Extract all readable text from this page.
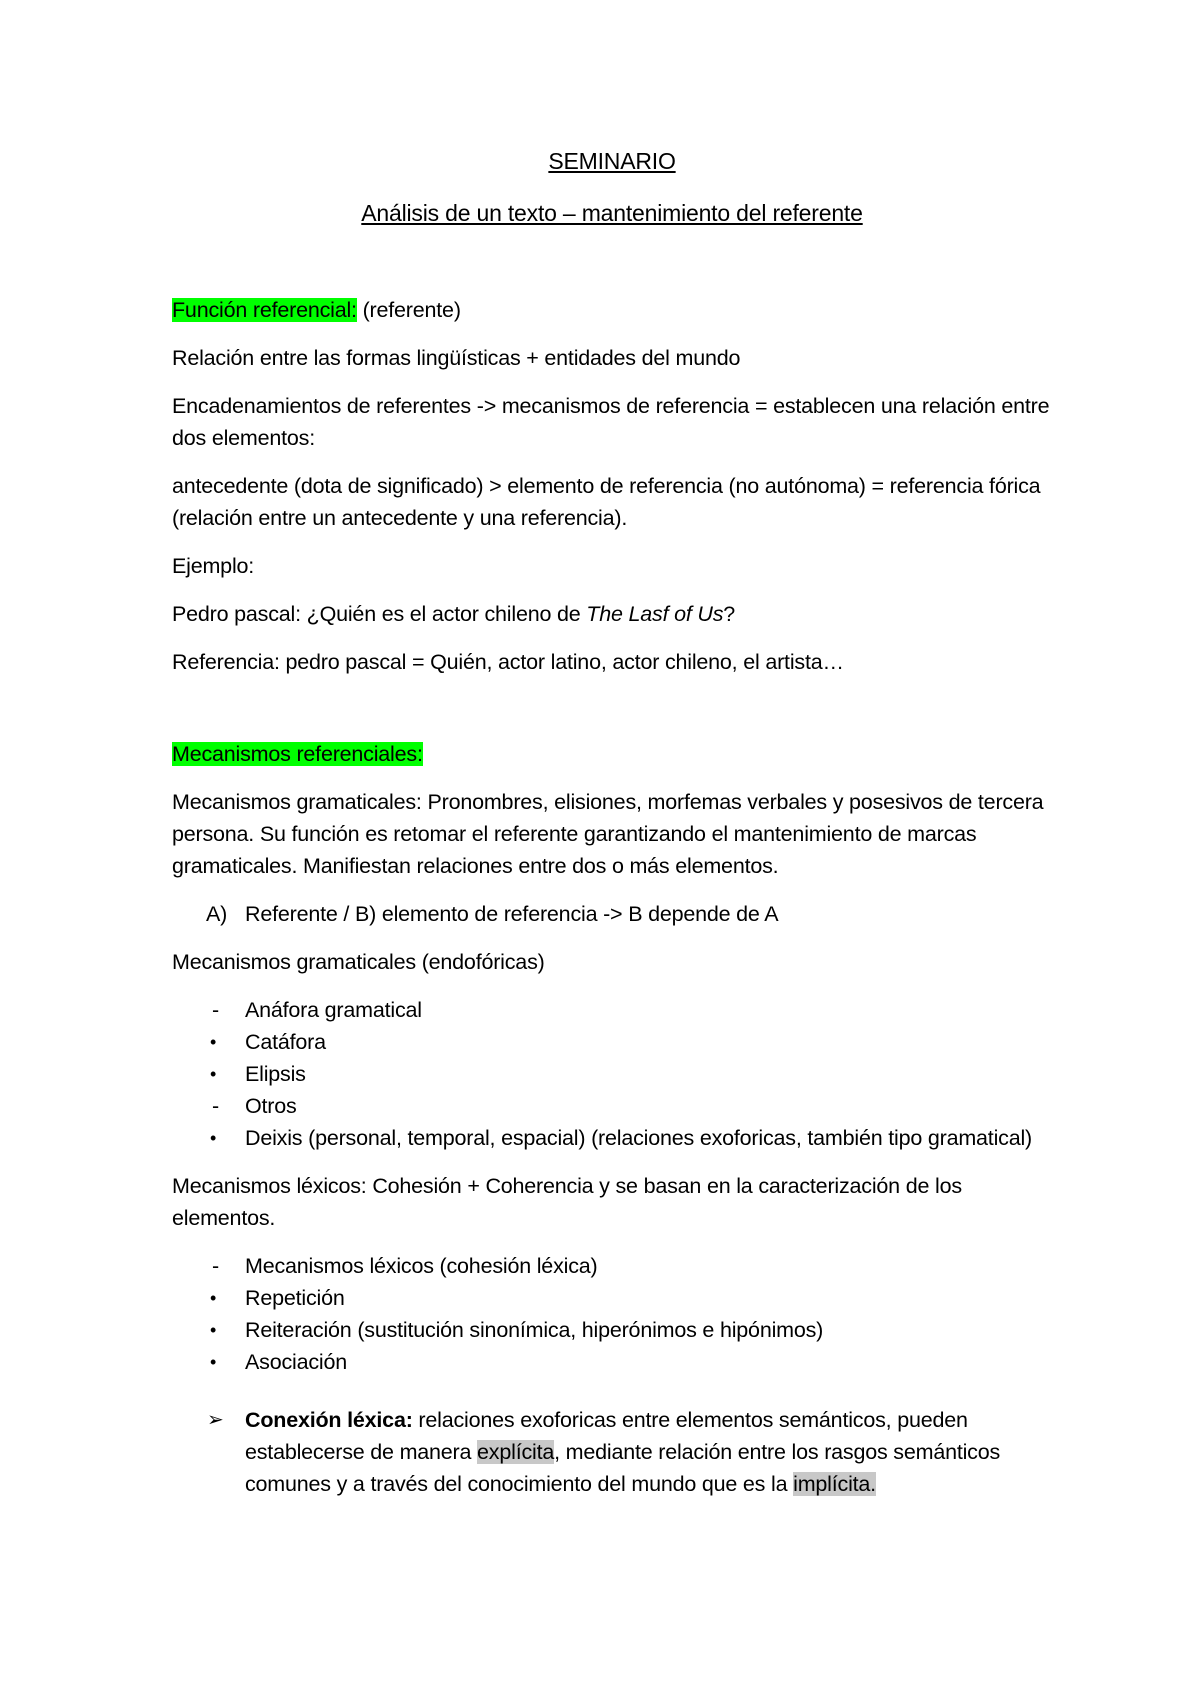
SEMINARIO
Análisis de un texto – mantenimiento del referente

Función referencial: (referente)

Relación entre las formas lingüísticas + entidades del mundo

Encadenamientos de referentes -> mecanismos de referencia = establecen una relación entre dos elementos:

antecedente (dota de significado) > elemento de referencia (no autónoma) = referencia fórica (relación entre un antecedente y una referencia).

Ejemplo:

Pedro pascal: ¿Quién es el actor chileno de The Lasf of Us?

Referencia: pedro pascal = Quién, actor latino, actor chileno, el artista…

Mecanismos referenciales:

Mecanismos gramaticales: Pronombres, elisiones, morfemas verbales y posesivos de tercera persona. Su función es retomar el referente garantizando el mantenimiento de marcas gramaticales. Manifiestan relaciones entre dos o más elementos.

A) Referente / B) elemento de referencia -> B depende de A

Mecanismos gramaticales (endofóricas)

- Anáfora gramatical
• Catáfora
• Elipsis
- Otros
• Deixis (personal, temporal, espacial) (relaciones exoforicas, también tipo gramatical)

Mecanismos léxicos: Cohesión + Coherencia y se basan en la caracterización de los elementos.

- Mecanismos léxicos (cohesión léxica)
• Repetición
• Reiteración (sustitución sinonímica, hiperónimos e hipónimos)
• Asociación
➢ Conexión léxica: relaciones exoforicas entre elementos semánticos, pueden establecerse de manera explícita, mediante relación entre los rasgos semánticos comunes y a través del conocimiento del mundo que es la implícita.
